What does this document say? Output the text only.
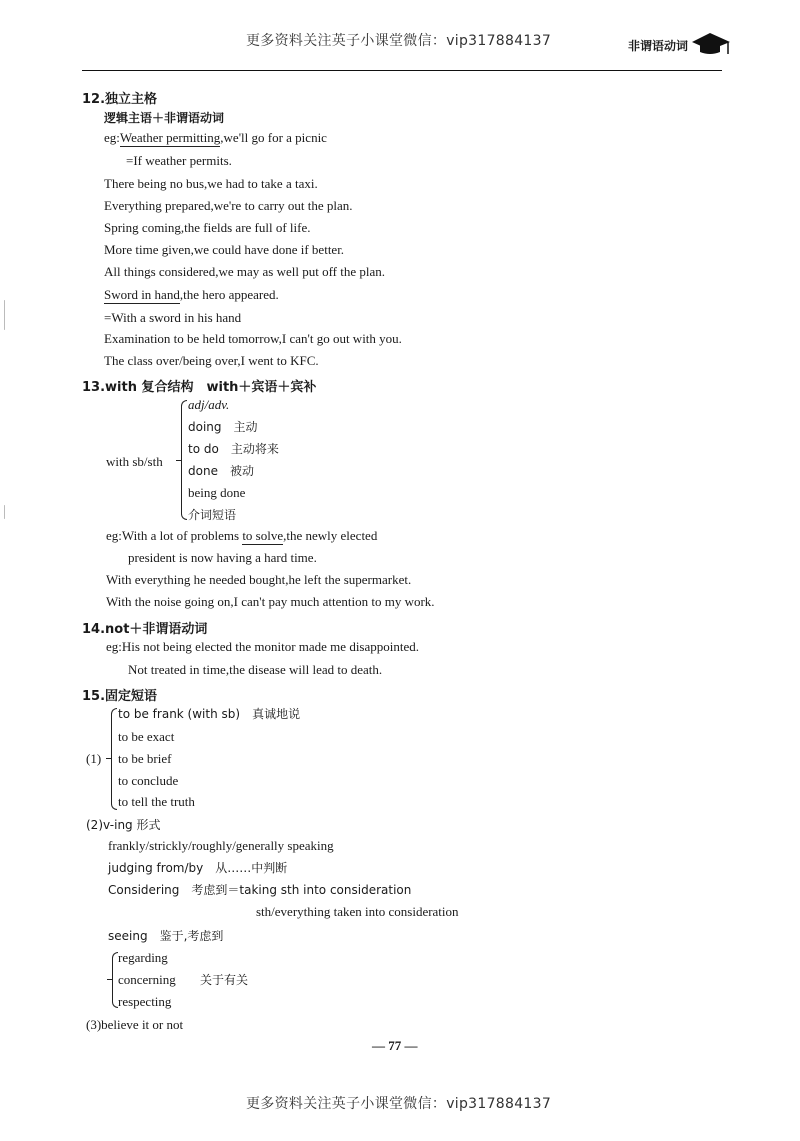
更多资料关注英子小课堂微信：vip317884137	非谓语动词
12.独立主格
逻辑主语＋非谓语动词
eg:Weather permitting,we'll go for a picnic
=If weather permits.
There being no bus,we had to take a taxi.
Everything prepared,we're to carry out the plan.
Spring coming,the fields are full of life.
More time given,we could have done if better.
All things considered,we may as well put off the plan.
Sword in hand,the hero appeared.
=With a sword in his hand
Examination to be held tomorrow,I can't go out with you.
The class over/being over,I went to KFC.
13.with 复合结构　with＋宾语＋宾补
with sb/sth
adj/adv.
doing　主动
to do　主动将来
done　被动
being done
介词短语
eg:With a lot of problems to solve,the newly elected
president is now having a hard time.
With everything he needed bought,he left the supermarket.
With the noise going on,I can't pay much attention to my work.
14.not＋非谓语动词
eg:His not being elected the monitor made me disappointed.
Not treated in time,the disease will lead to death.
15.固定短语
(1)
to be frank (with sb)　真诚地说
to be exact
to be brief
to conclude
to tell the truth
(2)v-ing 形式
frankly/strickly/roughly/generally speaking
judging from/by　从……中判断
Considering　考虑到＝taking sth into consideration
sth/everything taken into consideration
seeing　鉴于,考虑到
regarding
concerning
respecting
关于有关
(3)believe it or not
— 77 —
更多资料关注英子小课堂微信：vip317884137
